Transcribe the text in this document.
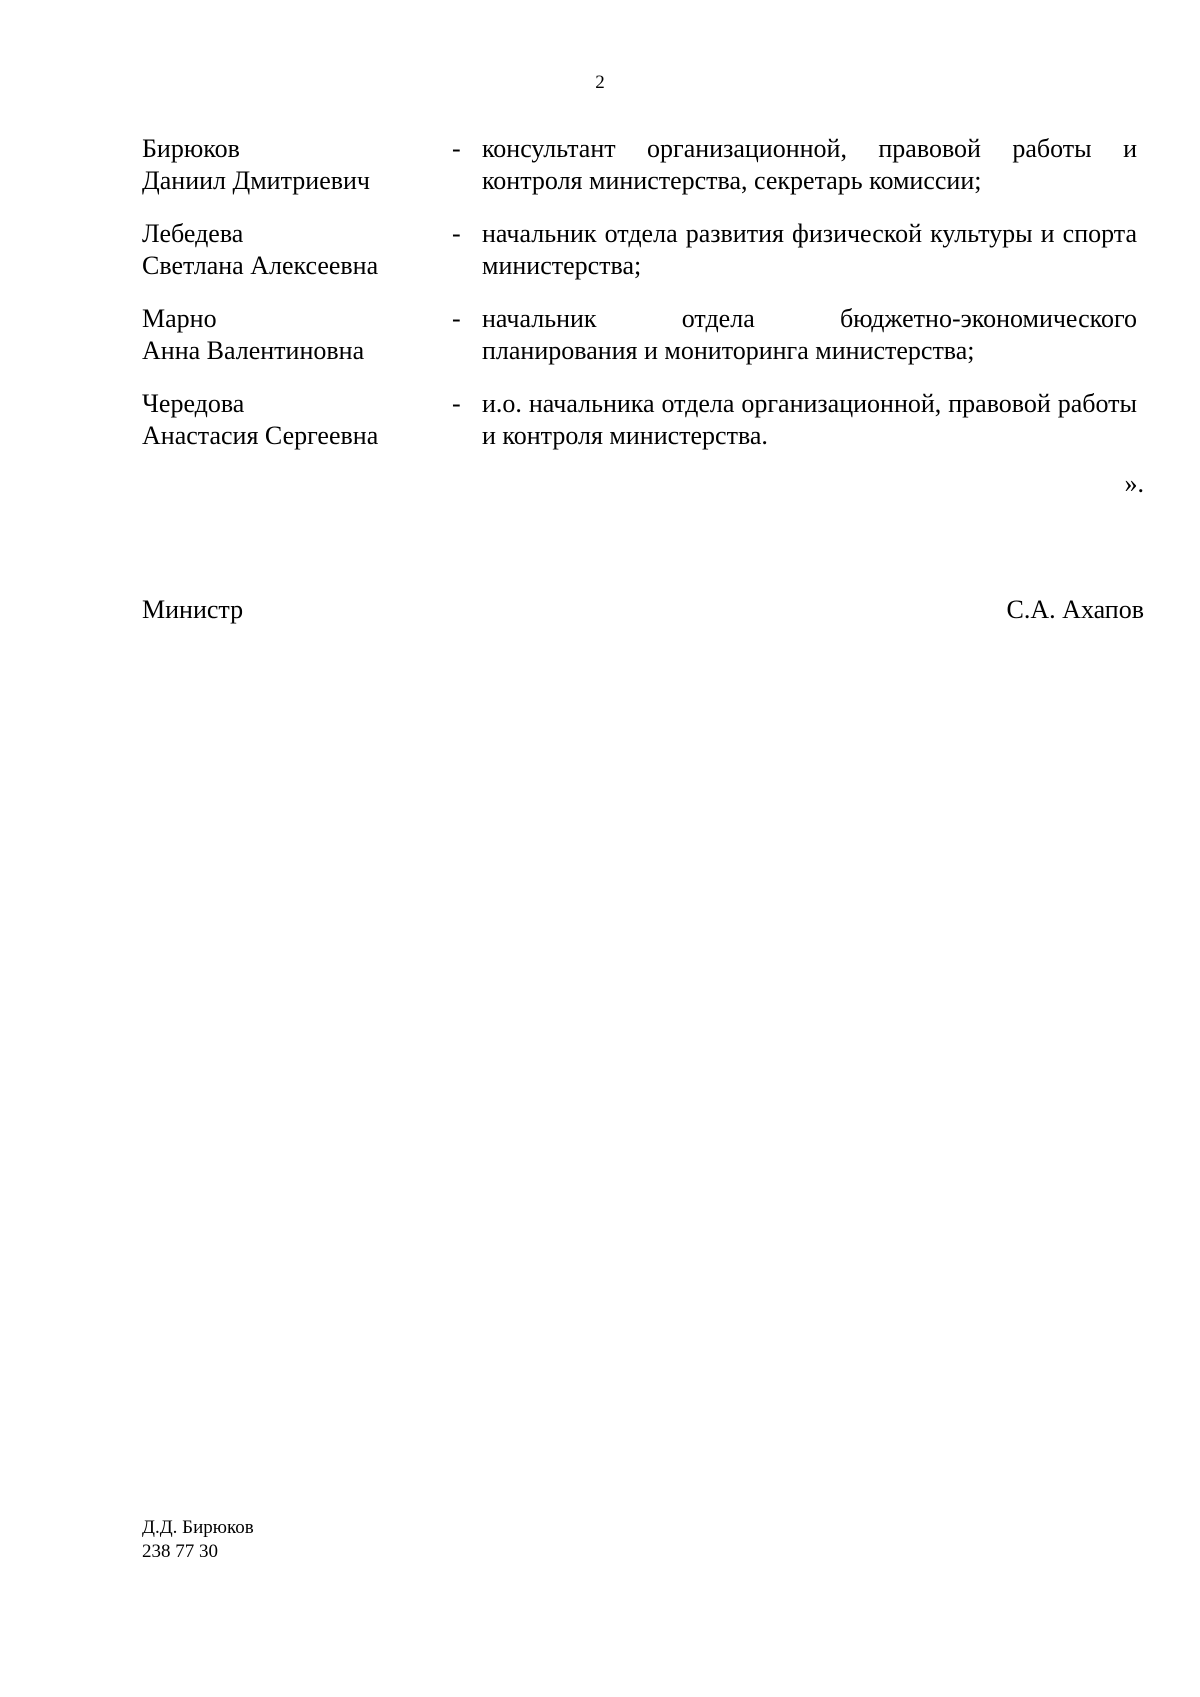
2
Бирюков
Даниил Дмитриевич
- консультант организационной, правовой работы и контроля министерства, секретарь комиссии;
Лебедева
Светлана Алексеевна
- начальник отдела развития физической культуры и спорта министерства;
Марно
Анна Валентиновна
- начальник отдела бюджетно-экономического планирования и мониторинга министерства;
Чередова
Анастасия Сергеевна
- и.о. начальника отдела организационной, правовой работы и контроля министерства.
».
Министр	С.А. Ахапов
Д.Д. Бирюков
238 77 30
